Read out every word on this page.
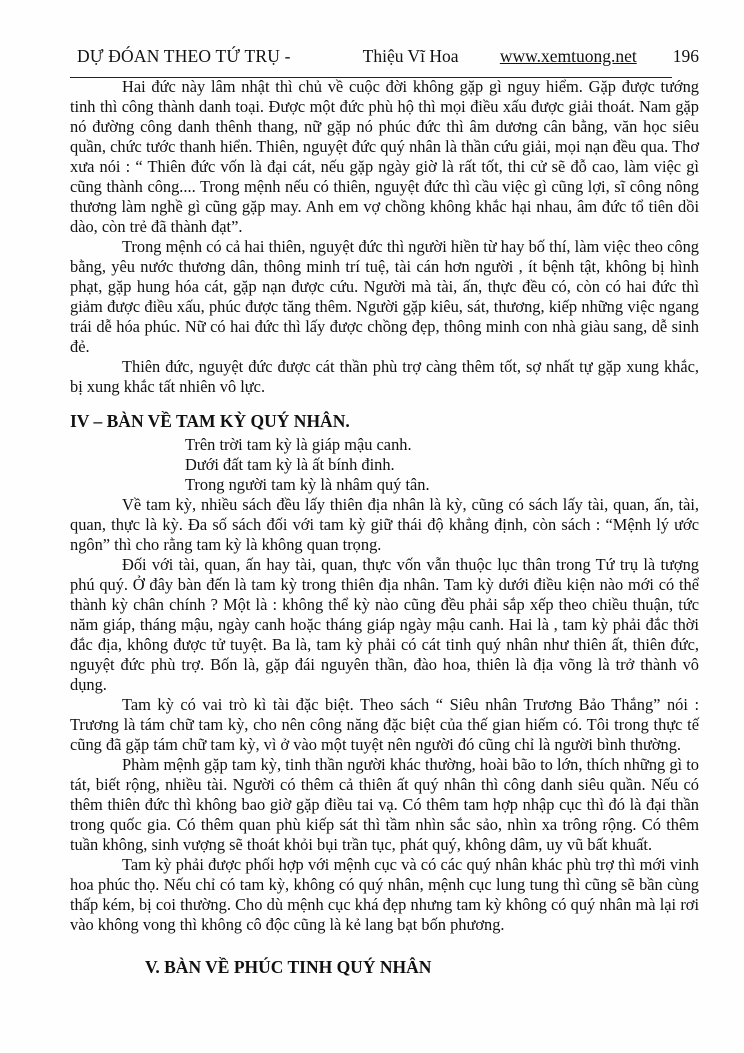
DỰ ĐÓAN THEO TỨ TRỤ -	Thiệu Vĩ Hoa www.xemtuong.net 196

Hai đức này lâm nhật thì chủ về cuộc đời không gặp gì nguy hiểm. Gặp được tướng tinh thì công thành danh toại. Được một đức phù hộ thì mọi điều xấu được giải thoát. Nam gặp nó đường công danh thênh thang, nữ gặp nó phúc đức thì âm dương cân bằng, văn học siêu quần, chức tước thanh hiển. Thiên, nguyệt đức quý nhân là thần cứu giải, mọi nạn đều qua. Thơ xưa nói : “ Thiên đức vốn là đại cát, nếu gặp ngày giờ là rất tốt, thi cử sẽ đỗ cao, làm việc gì cũng thành công.... Trong mệnh nếu có thiên, nguyệt đức thì cầu việc gì cũng lợi, sĩ công nông thương làm nghề gì cũng gặp may. Anh em vợ chồng không khắc hại nhau, âm đức tổ tiên dồi dào, còn trẻ đã thành đạt”.

Trong mệnh có cả hai thiên, nguyệt đức thì người hiền từ hay bố thí, làm việc theo công bằng, yêu nước thương dân, thông minh trí tuệ, tài cán hơn người , ít bệnh tật, không bị hình phạt, gặp hung hóa cát, gặp nạn được cứu. Người mà tài, ấn, thực đều có, còn có hai đức thì giảm được điều xấu, phúc được tăng thêm. Người gặp kiêu, sát, thương, kiếp những việc ngang trái dễ hóa phúc. Nữ có hai đức thì lấy được chồng đẹp, thông minh con nhà giàu sang, dễ sinh đẻ.

Thiên đức, nguyệt đức được cát thần phù trợ càng thêm tốt, sợ nhất tự gặp xung khắc, bị xung khắc tất nhiên vô lực.

IV – BÀN VỀ TAM KỲ QUÝ NHÂN.
Trên trời tam kỳ là giáp mậu canh.
Dưới đất tam kỳ là ất bính đinh.
Trong người tam kỳ là nhâm quý tân.

Về tam kỳ, nhiều sách đều lấy thiên địa nhân là kỳ, cũng có sách lấy tài, quan, ấn, tài, quan, thực là kỳ. Đa số sách đối với tam kỳ giữ thái độ khẳng định, còn sách : “Mệnh lý ước ngôn” thì cho rằng tam kỳ là không quan trọng.

Đối với tài, quan, ấn hay tài, quan, thực vốn vẫn thuộc lục thân trong Tứ trụ là tượng phú quý. Ở đây bàn đến là tam kỳ trong thiên địa nhân. Tam kỳ dưới điều kiện nào mới có thể thành kỳ chân chính ? Một là : không thể kỳ nào cũng đều phải sắp xếp theo chiều thuận, tức năm giáp, tháng mậu, ngày canh hoặc tháng giáp ngày mậu canh. Hai là , tam kỳ phải đắc thời đắc địa, không được tử tuyệt. Ba là, tam kỳ phải có cát tinh quý nhân như thiên ất, thiên đức, nguyệt đức phù trợ. Bốn là, gặp đái nguyên thần, đào hoa, thiên là địa võng là trở thành vô dụng.

Tam kỳ có vai trò kì tài đặc biệt. Theo sách “ Siêu nhân Trương Bảo Thắng” nói : Trương là tám chữ tam kỳ, cho nên công năng đặc biệt của thế gian hiếm có. Tôi trong thực tế cũng đã gặp tám chữ tam kỳ, vì ở vào một tuyệt nên người đó cũng chỉ là người bình thường.

Phàm mệnh gặp tam kỳ, tinh thần người khác thường, hoài bão to lớn, thích những gì to tát, biết rộng, nhiều tài. Người có thêm cả thiên ất quý nhân thì công danh siêu quần. Nếu có thêm thiên đức thì không bao giờ gặp điều tai vạ. Có thêm tam hợp nhập cục thì đó là đại thần trong quốc gia. Có thêm quan phù kiếp sát thì tầm nhìn sắc sảo, nhìn xa trông rộng. Có thêm tuần không, sinh vượng sẽ thoát khỏi bụi trần tục, phát quý, không dâm, uy vũ bất khuất.

Tam kỳ phải được phối hợp với mệnh cục và có các quý nhân khác phù trợ thì mới vinh hoa phúc thọ. Nếu chỉ có tam kỳ, không có quý nhân, mệnh cục lung tung thì cũng sẽ bần cùng thấp kém, bị coi thường. Cho dù mệnh cục khá đẹp nhưng tam kỳ không có quý nhân mà lại rơi vào không vong thì không cô độc cũng là kẻ lang bạt bốn phương.

V. BÀN VỀ PHÚC TINH QUÝ NHÂN
